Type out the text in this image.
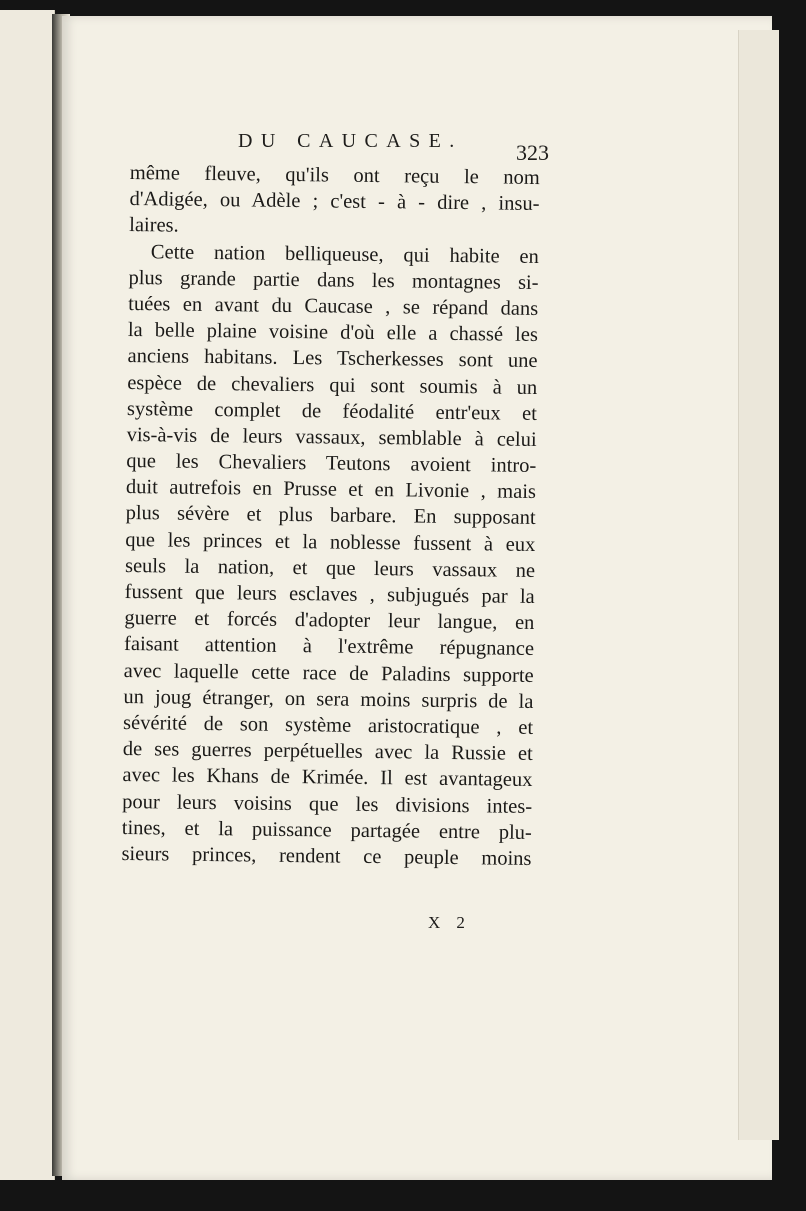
DU CAUCASE. 323
même fleuve, qu'ils ont reçu le nom
d'Adigée, ou Adèle ; c'est - à - dire , insu-
laires.
Cette nation belliqueuse, qui habite en
plus grande partie dans les montagnes si-
tuées en avant du Caucase , se répand dans
la belle plaine voisine d'où elle a chassé les
anciens habitans. Les Tscherkesses sont une
espèce de chevaliers qui sont soumis à un
système complet de féodalité entr'eux et
vis-à-vis de leurs vassaux, semblable à celui
que les Chevaliers Teutons avoient intro-
duit autrefois en Prusse et en Livonie , mais
plus sévère et plus barbare. En supposant
que les princes et la noblesse fussent à eux
seuls la nation, et que leurs vassaux ne
fussent que leurs esclaves , subjugués par la
guerre et forcés d'adopter leur langue, en
faisant attention à l'extrême répugnance
avec laquelle cette race de Paladins supporte
un joug étranger, on sera moins surpris de la
sévérité de son système aristocratique , et
de ses guerres perpétuelles avec la Russie et
avec les Khans de Krimée. Il est avantageux
pour leurs voisins que les divisions intes-
tines, et la puissance partagée entre plu-
sieurs princes, rendent ce peuple moins
X 2
